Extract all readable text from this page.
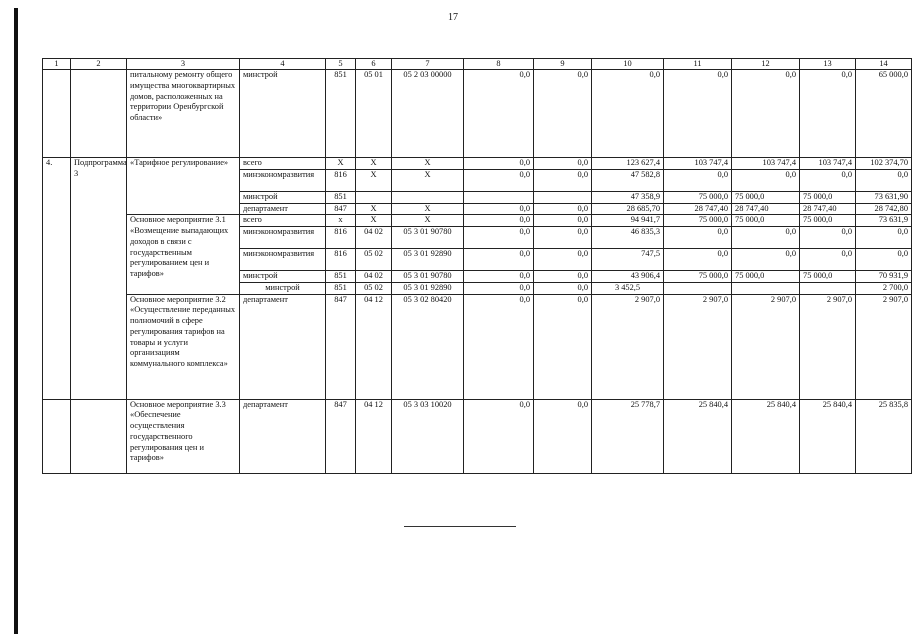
17
1	2	3	4	5	6	7	8	9	10	11	12	13	14
		питальному ремонту общего имущества многоквартирных домов, расположенных на территории Оренбургской области»	минстрой	851	05 01	05 2 03 00000	0,0	0,0	0,0	0,0	0,0	0,0	65 000,0
4.	Подпрограмма 3	«Тарифное регулирование»	всего	Х	Х	Х	0,0	0,0	123 627,4	103 747,4	103 747,4	103 747,4	102 374,70
			минэкономразвития	816	Х	Х	0,0	0,0	47 582,8	0,0	0,0	0,0	0,0
			минстрой	851					47 358,9	75 000,0	75 000,0	75 000,0	73 631,90
			департамент	847	Х	Х	0,0	0,0	28 685,70	28 747,40	28 747,40	28 747,40	28 742,80
		Основное мероприятие 3.1 «Возмещение выпадающих доходов в связи с государственным регулированием цен и тарифов»	всего	х	Х	Х	0,0	0,0	94 941,7	75 000,0	75 000,0	75 000,0	73 631,9
			минэкономразвития	816	04 02	05 3 01 90780	0,0	0,0	46 835,3	0,0	0,0	0,0	0,0
			минэкономразвития	816	05 02	05 3 01 92890	0,0	0,0	747,5	0,0	0,0	0,0	0,0
			минстрой	851	04 02	05 3 01 90780	0,0	0,0	43 906,4	75 000,0	75 000,0	75 000,0	70 931,9
			минстрой	851	05 02	05 3 01 92890	0,0	0,0	3 452,5				2 700,0
		Основное мероприятие 3.2 «Осуществление переданных полномочий в сфере регулирования тарифов на товары и услуги организациям коммунального комплекса»	департамент	847	04 12	05 3 02 80420	0,0	0,0	2 907,0	2 907,0	2 907,0	2 907,0	2 907,0
		Основное мероприятие 3.3 «Обеспечение осуществления государственного регулирования цен и тарифов»	департамент	847	04 12	05 3 03 10020	0,0	0,0	25 778,7	25 840,4	25 840,4	25 840,4	25 835,8
